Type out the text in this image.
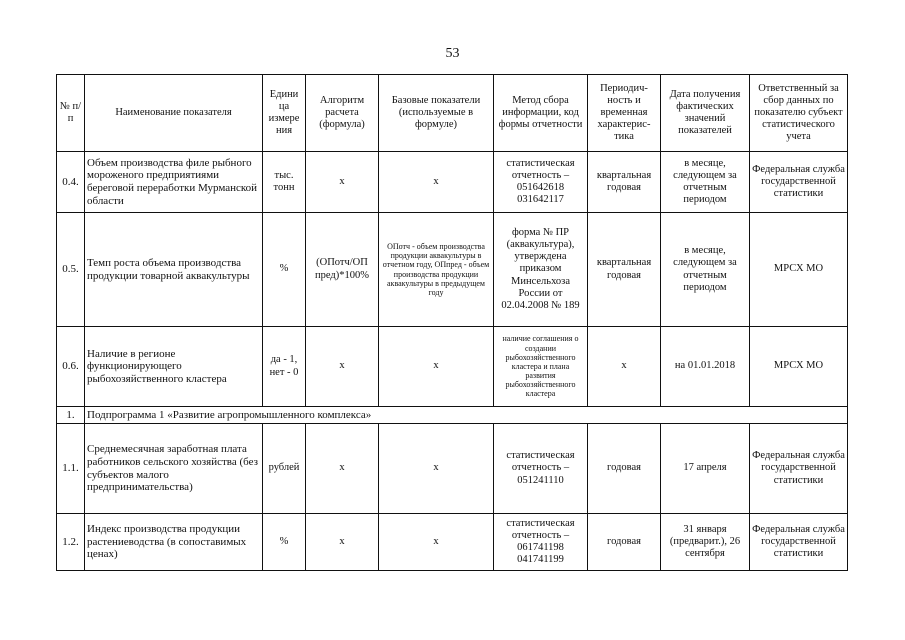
53
№ п/п	Наименование показателя	Едини ца измере ния	Алгоритм расчета (формула)	Базовые показатели (используемые в формуле)	Метод сбора информации, код формы отчетности	Периодич- ность и временная характерис- тика	Дата получения фактических значений показателей	Ответственный за сбор данных по показателю субъект статистического учета
0.4.	Объем производства филе рыбного мороженого предприятиями береговой переработки Мурманской области	тыс. тонн	x	x	статистическая отчетность – 051642618 031642117	квартальная годовая	в месяце, следующем за отчетным периодом	Федеральная служба государственной статистики
0.5.	Темп роста объема производства продукции товарной аквакультуры	%	(ОПотч/ОП пред)*100%	ОПотч - объем производства продукции аквакультуры в отчетном году, ОПпред - объем производства продукции аквакультуры в предыдущем году	форма № ПР (аквакультура), утверждена приказом Минсельхоза России от 02.04.2008 № 189	квартальная годовая	в месяце, следующем за отчетным периодом	МРСХ МО
0.6.	Наличие в регионе функционирующего рыбохозяйственного кластера	да - 1, нет - 0	x	x	наличие соглашения о создании рыбохозяйственного кластера и плана развития рыбохозяйственного кластера	x	на 01.01.2018	МРСХ МО
1.	Подпрограмма 1 «Развитие агропромышленного комплекса»							
1.1.	Среднемесячная заработная плата работников сельского хозяйства (без субъектов малого предпринимательства)	рублей	x	x	статистическая отчетность – 051241110	годовая	17 апреля	Федеральная служба государственной статистики
1.2.	Индекс производства продукции растениеводства (в сопоставимых ценах)	%	x	x	статистическая отчетность – 061741198 041741199	годовая	31 января (предварит.), 26 сентября	Федеральная служба государственной статистики
